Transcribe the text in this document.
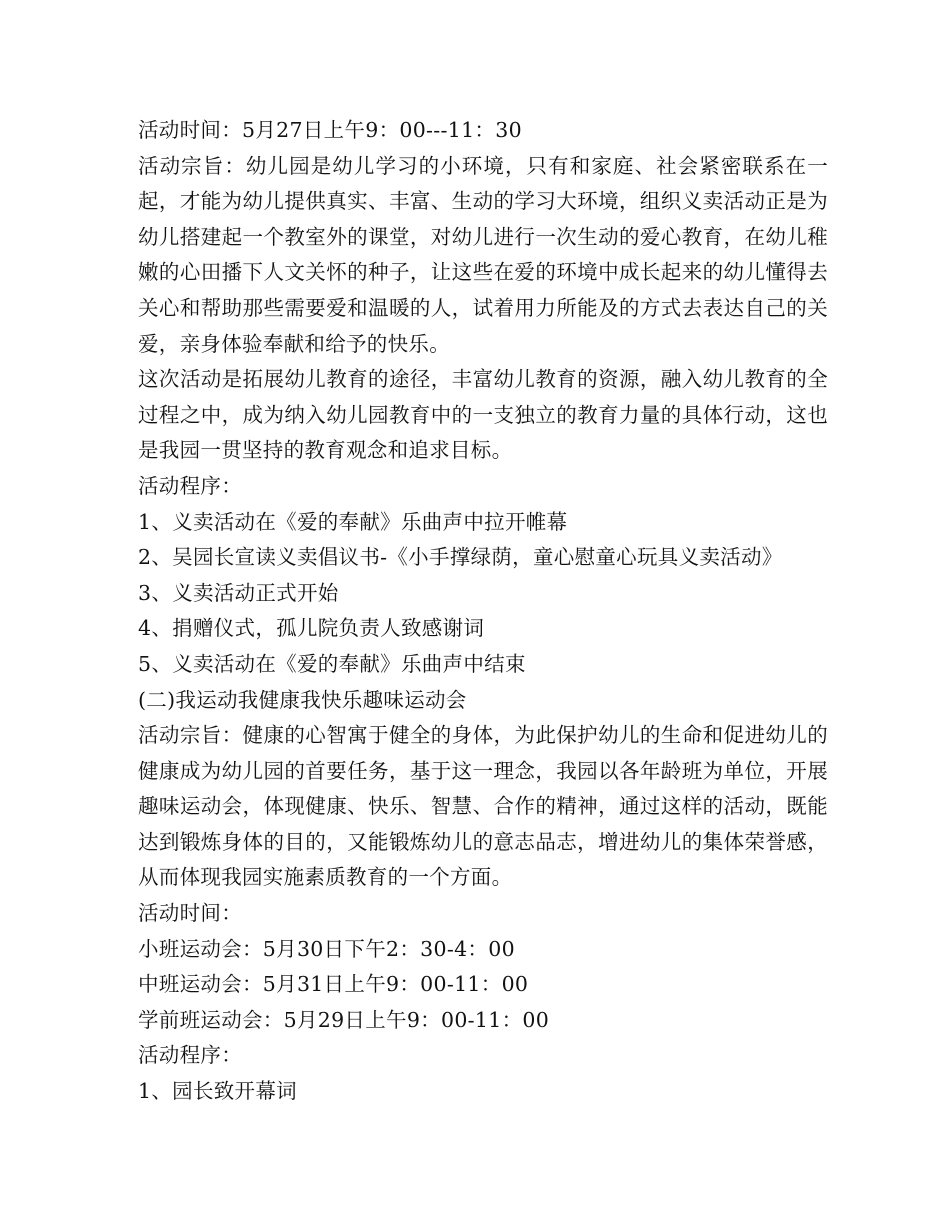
活动时间：5月27日上午9：00---11：30

活动宗旨：幼儿园是幼儿学习的小环境，只有和家庭、社会紧密联系在一起，才能为幼儿提供真实、丰富、生动的学习大环境，组织义卖活动正是为幼儿搭建起一个教室外的课堂，对幼儿进行一次生动的爱心教育，在幼儿稚嫩的心田播下人文关怀的种子，让这些在爱的环境中成长起来的幼儿懂得去关心和帮助那些需要爱和温暖的人，试着用力所能及的方式去表达自己的关爱，亲身体验奉献和给予的快乐。

这次活动是拓展幼儿教育的途径，丰富幼儿教育的资源，融入幼儿教育的全过程之中，成为纳入幼儿园教育中的一支独立的教育力量的具体行动，这也是我园一贯坚持的教育观念和追求目标。

活动程序：

1、义卖活动在《爱的奉献》乐曲声中拉开帷幕

2、吴园长宣读义卖倡议书-《小手撑绿荫，童心慰童心玩具义卖活动》

3、义卖活动正式开始

4、捐赠仪式，孤儿院负责人致感谢词

5、义卖活动在《爱的奉献》乐曲声中结束

(二)我运动我健康我快乐趣味运动会

活动宗旨：健康的心智寓于健全的身体，为此保护幼儿的生命和促进幼儿的健康成为幼儿园的首要任务，基于这一理念，我园以各年龄班为单位，开展趣味运动会，体现健康、快乐、智慧、合作的精神，通过这样的活动，既能达到锻炼身体的目的，又能锻炼幼儿的意志品志，增进幼儿的集体荣誉感，从而体现我园实施素质教育的一个方面。

活动时间：

小班运动会：5月30日下午2：30-4：00

中班运动会：5月31日上午9：00-11：00

学前班运动会：5月29日上午9：00-11：00

活动程序：

1、园长致开幕词
